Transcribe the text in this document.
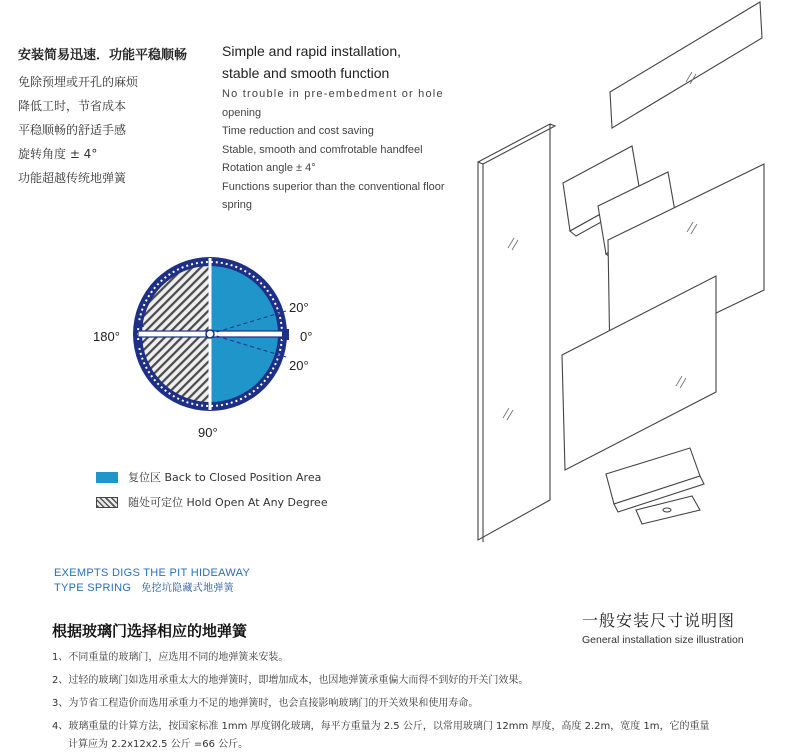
安装简易迅速．功能平稳顺畅
免除预埋或开孔的麻烦
降低工时，节省成本
平稳顺畅的舒适手感
旋转角度 ± 4°
功能超越传统地弹簧
Simple and rapid installation,
stable and smooth function
No trouble in pre-embedment or hole
opening
Time reduction and cost saving
Stable, smooth and comfrotable handfeel
Rotation angle ± 4°
Functions superior than the conventional floor
spring
180°	0°
20°
20°
90°
复位区 Back to Closed Position Area
随处可定位 Hold Open At Any Degree
EXEMPTS DIGS THE PIT HIDEAWAY
TYPE SPRING 免挖坑隐藏式地弹簧
根据玻璃门选择相应的地弹簧
一般安装尺寸说明图
General installation size illustration
1、不同重量的玻璃门，应选用不同的地弹簧来安装。
2、过轻的玻璃门如选用承重太大的地弹簧时，即增加成本，也因地弹簧承重偏大而得不到好的开关门效果。
3、为节省工程造价而选用承重力不足的地弹簧时，也会直接影响玻璃门的开关效果和使用寿命。
4、玻璃重量的计算方法，按国家标准 1mm 厚度钢化玻璃，每平方重量为 2.5 公斤，以常用玻璃门 12mm 厚度，高度 2.2m，宽度 1m，它的重量
计算应为 2.2x12x2.5 公斤 =66 公斤。
